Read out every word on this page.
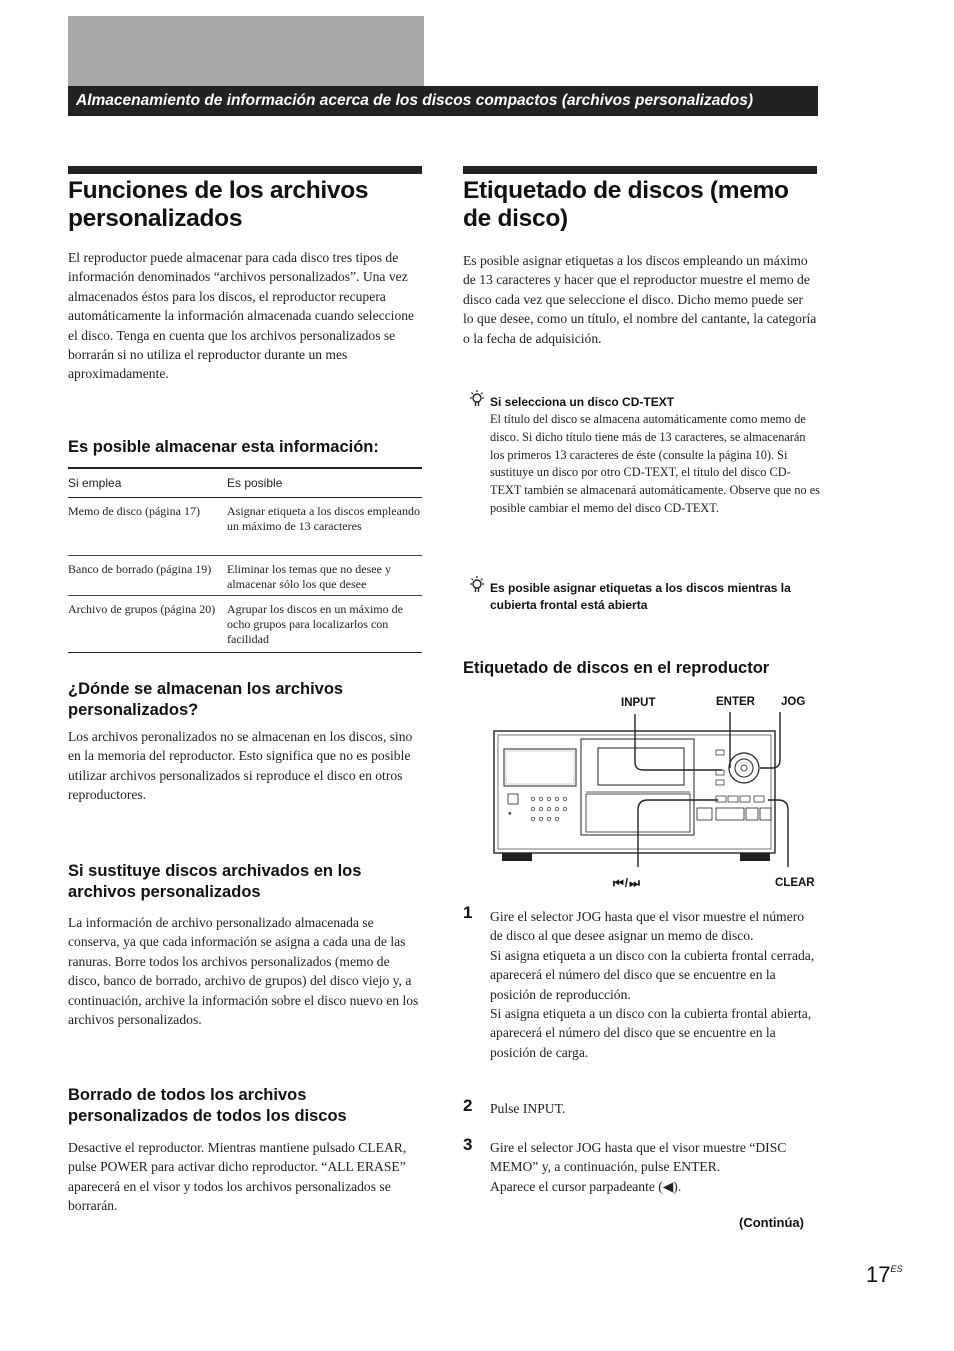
Almacenamiento de información acerca de los discos compactos (archivos personalizados)
Funciones de los archivos personalizados

El reproductor puede almacenar para cada disco tres tipos de información denominados “archivos personalizados”. Una vez almacenados éstos para los discos, el reproductor recupera automáticamente la información almacenada cuando seleccione el disco. Tenga en cuenta que los archivos personalizados se borrarán si no utiliza el reproductor durante un mes aproximadamente.

Es posible almacenar esta información:
Si emplea	Es posible
Memo de disco (página 17)	Asignar etiqueta a los discos empleando un máximo de 13 caracteres
Banco de borrado (página 19)	Eliminar los temas que no desee y almacenar sólo los que desee
Archivo de grupos (página 20) Agrupar los discos en un máximo de ocho grupos para localizarlos con facilidad
¿Dónde se almacenan los archivos personalizados?

Los archivos peronalizados no se almacenan en los discos, sino en la memoria del reproductor. Esto significa que no es posible utilizar archivos personalizados si reproduce el disco en otros reproductores.

Si sustituye discos archivados en los archivos personalizados

La información de archivo personalizado almacenada se conserva, ya que cada información se asigna a cada una de las ranuras. Borre todos los archivos personalizados (memo de disco, banco de borrado, archivo de grupos) del disco viejo y, a continuación, archive la información sobre el disco nuevo en los archivos personalizados.

Borrado de todos los archivos personalizados de todos los discos

Desactive el reproductor. Mientras mantiene pulsado CLEAR, pulse POWER para activar dicho reproductor. “ALL ERASE” aparecerá en el visor y todos los archivos personalizados se borrarán.

Etiquetado de discos (memo de disco)

Es posible asignar etiquetas a los discos empleando un máximo de 13 caracteres y hacer que el reproductor muestre el memo de disco cada vez que seleccione el disco. Dicho memo puede ser lo que desee, como un título, el nombre del cantante, la categoría o la fecha de adquisición.

Si selecciona un disco CD-TEXT

El título del disco se almacena automáticamente como memo de disco. Si dicho título tiene más de 13 caracteres, se almacenarán los primeros 13 caracteres de éste (consulte la página 10). Si sustituye un disco por otro CD-TEXT, el título del disco CD-TEXT también se almacenará automáticamente. Observe que no es posible cambiar el memo del disco CD-TEXT.

Es posible asignar etiquetas a los discos mientras la cubierta frontal está abierta
Etiquetado de discos en el reproductor
INPUT	ENTER JOG
⏮/⏭	CLEAR
●
1 Gire el selector JOG hasta que el visor muestre el número de disco al que desee asignar un memo de disco.
Si asigna etiqueta a un disco con la cubierta frontal cerrada, aparecerá el número del disco que se encuentre en la posición de reproducción.
Si asigna etiqueta a un disco con la cubierta frontal abierta, aparecerá el número del disco que se encuentre en la posición de carga.

2 Pulse INPUT.

3 Gire el selector JOG hasta que el visor muestre “DISC MEMO” y, a continuación, pulse ENTER.
Aparece el cursor parpadeante (◀).

(Continúa)
$17^{ES}$
